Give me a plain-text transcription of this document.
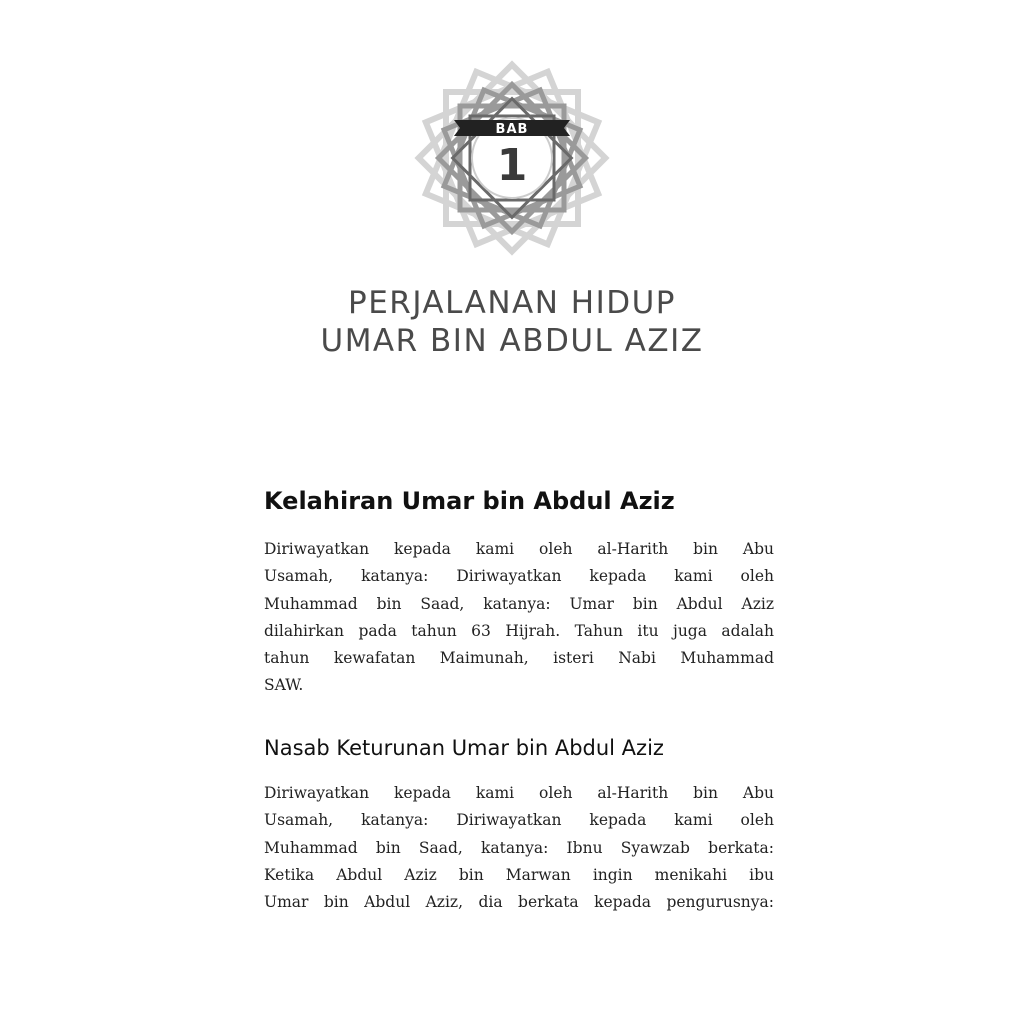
BAB
1
PERJALANAN HIDUP
UMAR BIN ABDUL AZIZ
Kelahiran Umar bin Abdul Aziz
Diriwayatkan kepada kami oleh al-Harith bin Abu
Usamah, katanya: Diriwayatkan kepada kami oleh
Muhammad bin Saad, katanya: Umar bin Abdul Aziz
dilahirkan pada tahun 63 Hijrah. Tahun itu juga adalah
tahun kewafatan Maimunah, isteri Nabi Muhammad
SAW.
Nasab Keturunan Umar bin Abdul Aziz
Diriwayatkan kepada kami oleh al-Harith bin Abu
Usamah, katanya: Diriwayatkan kepada kami oleh
Muhammad bin Saad, katanya: Ibnu Syawzab berkata:
Ketika Abdul Aziz bin Marwan ingin menikahi ibu
Umar bin Abdul Aziz, dia berkata kepada pengurusnya:
